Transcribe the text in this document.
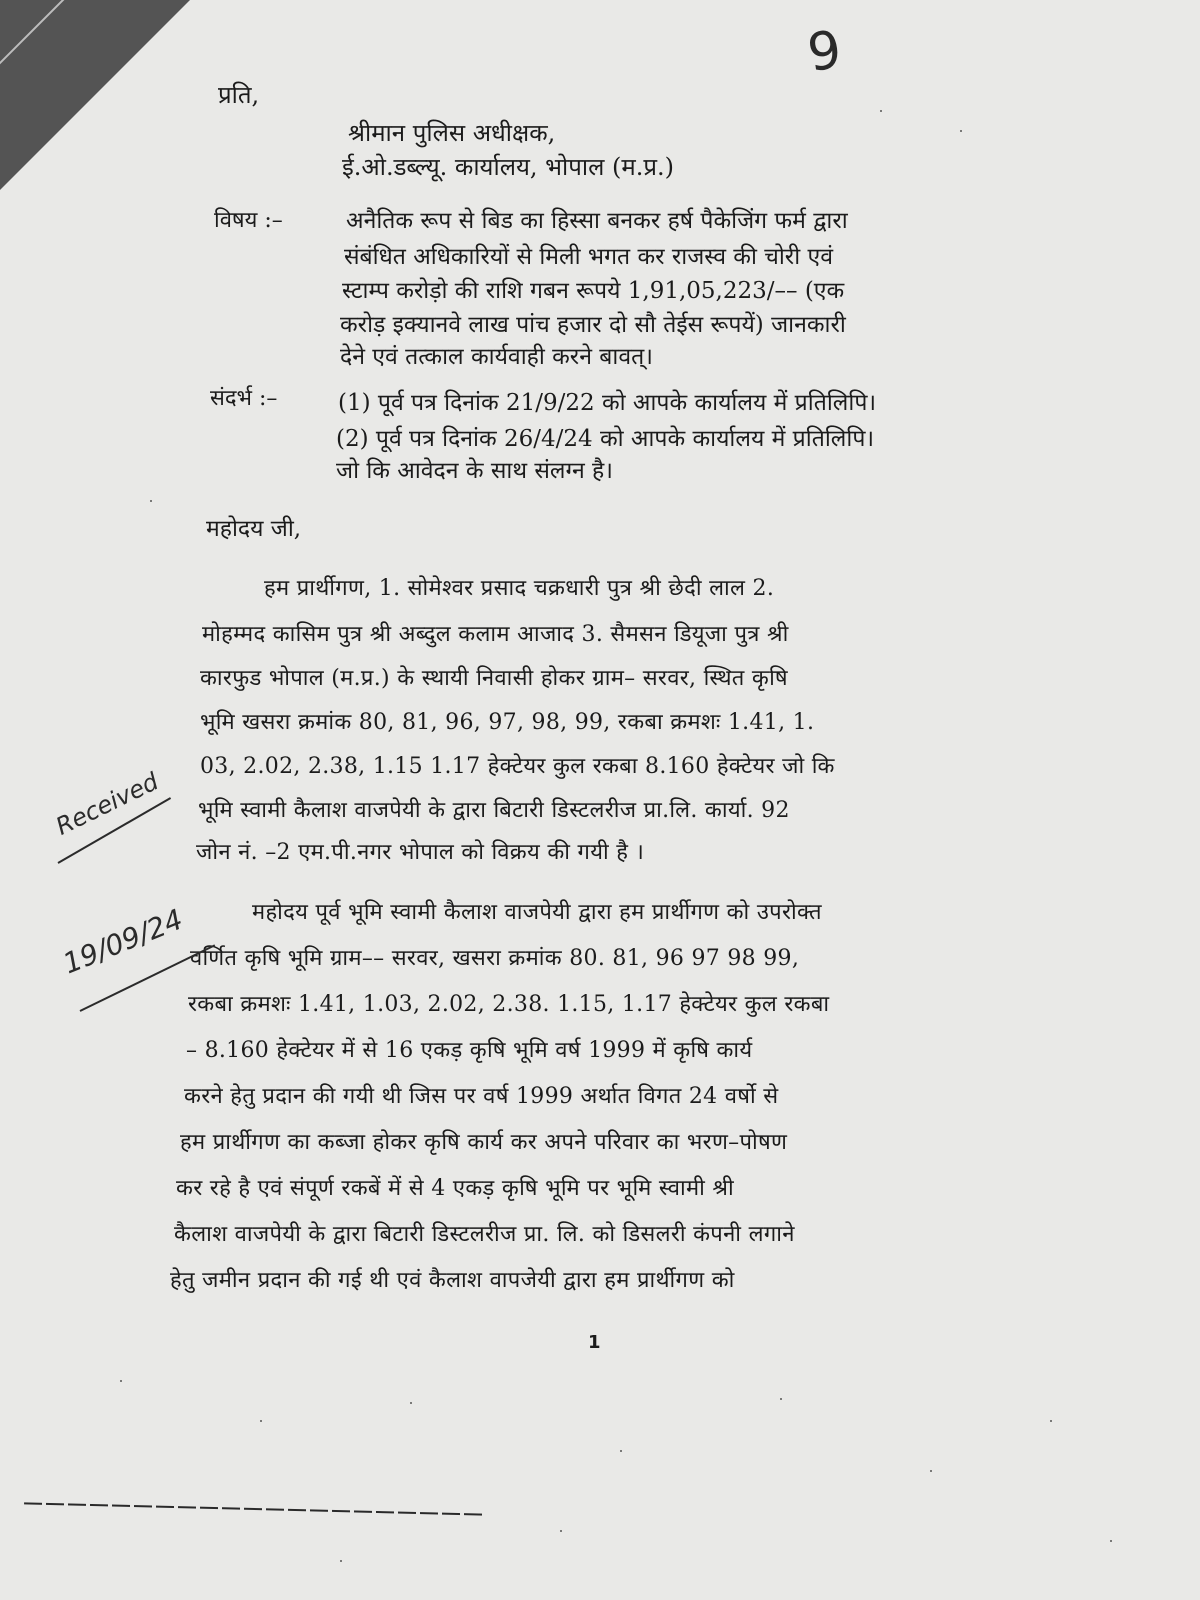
9
प्रति,
श्रीमान पुलिस अधीक्षक,
ई.ओ.डब्ल्यू. कार्यालय, भोपाल (म.प्र.)
विषय :–	अनैतिक रूप से बिड का हिस्सा बनकर हर्ष पैकेजिंग फर्म द्वारा
संबंधित अधिकारियों से मिली भगत कर राजस्व की चोरी एवं
स्टाम्प करोड़ो की राशि गबन रूपये 1,91,05,223/–– (एक
करोड़ इक्यानवे लाख पांच हजार दो सौ तेईस रूपयें) जानकारी
देने एवं तत्काल कार्यवाही करने बावत्।
संदर्भ :–	(1) पूर्व पत्र दिनांक 21/9/22 को आपके कार्यालय में प्रतिलिपि।
(2) पूर्व पत्र दिनांक 26/4/24 को आपके कार्यालय में प्रतिलिपि।
जो कि आवेदन के साथ संलग्न है।
महोदय जी,
हम प्रार्थीगण, 1. सोमेश्वर प्रसाद चक्रधारी पुत्र श्री छेदी लाल 2.
मोहम्मद कासिम पुत्र श्री अब्दुल कलाम आजाद 3. सैमसन डियूजा पुत्र श्री
कारफुड भोपाल (म.प्र.) के स्थायी निवासी होकर ग्राम– सरवर, स्थित कृषि
भूमि खसरा क्रमांक 80, 81, 96, 97, 98, 99, रकबा क्रमशः 1.41, 1.
03, 2.02, 2.38, 1.15 1.17 हेक्टेयर कुल रकबा 8.160 हेक्टेयर जो कि
भूमि स्वामी कैलाश वाजपेयी के द्वारा बिटारी डिस्टलरीज प्रा.लि. कार्या. 92
जोन नं. –2 एम.पी.नगर भोपाल को विक्रय की गयी है ।
महोदय पूर्व भूमि स्वामी कैलाश वाजपेयी द्वारा हम प्रार्थीगण को उपरोक्त
वर्णित कृषि भूमि ग्राम–– सरवर, खसरा क्रमांक 80. 81, 96 97 98 99,
रकबा क्रमशः 1.41, 1.03, 2.02, 2.38. 1.15, 1.17 हेक्टेयर कुल रकबा
– 8.160 हेक्टेयर में से 16 एकड़ कृषि भूमि वर्ष 1999 में कृषि कार्य
करने हेतु प्रदान की गयी थी जिस पर वर्ष 1999 अर्थात विगत 24 वर्षो से
हम प्रार्थीगण का कब्जा होकर कृषि कार्य कर अपने परिवार का भरण–पोषण
कर रहे है एवं संपूर्ण रकबें में से 4 एकड़ कृषि भूमि पर भूमि स्वामी श्री
कैलाश वाजपेयी के द्वारा बिटारी डिस्टलरीज प्रा. लि. को डिसलरी कंपनी लगाने
हेतु जमीन प्रदान की गई थी एवं कैलाश वापजेयी द्वारा हम प्रार्थीगण को
1
Received
19/09/24
